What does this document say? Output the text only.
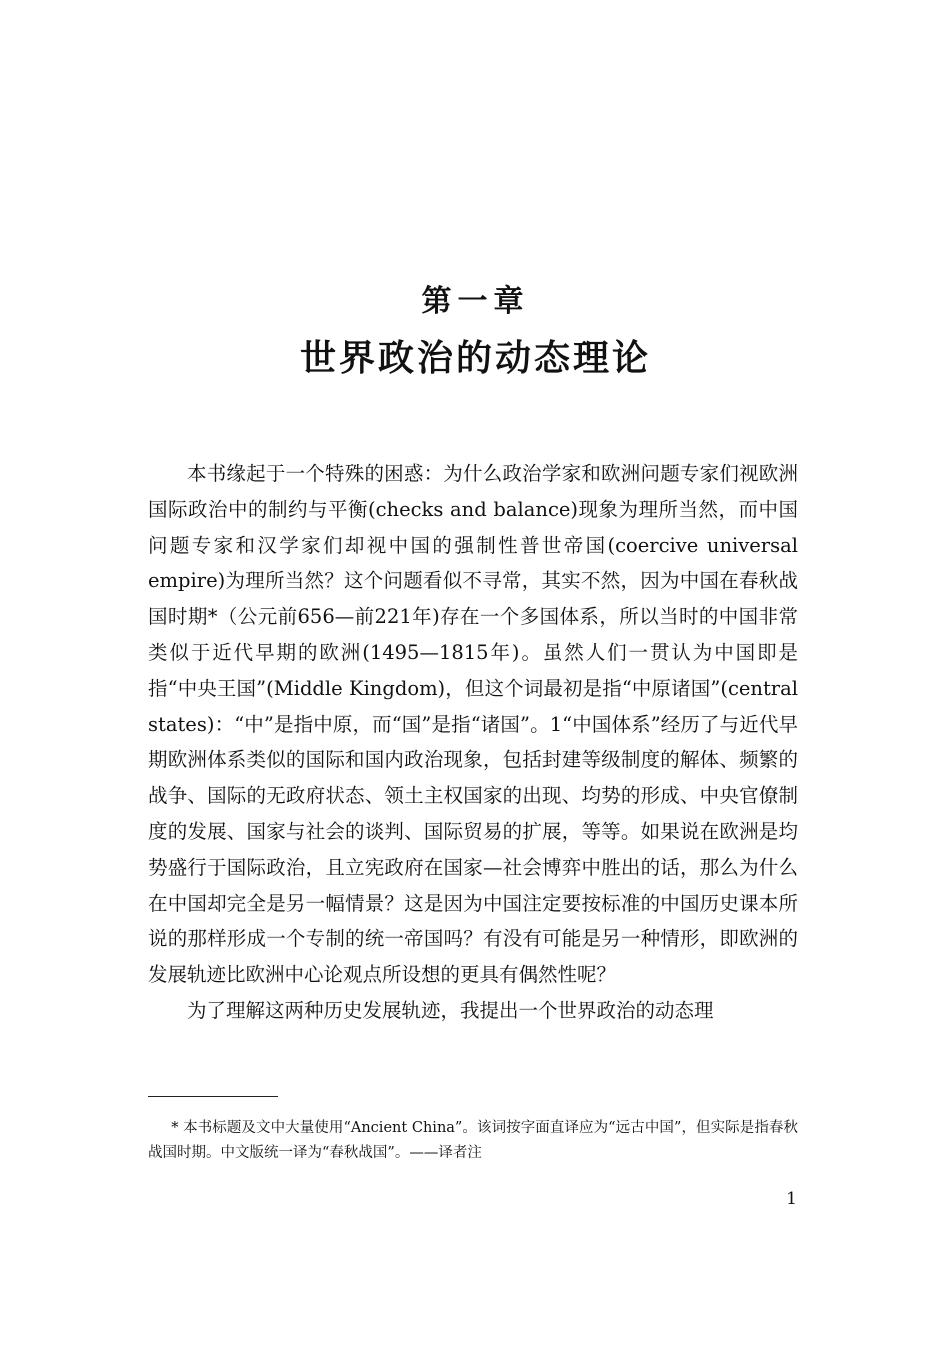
第一章
世界政治的动态理论

本书缘起于一个特殊的困惑：为什么政治学家和欧洲问题专家们视欧洲国际政治中的制约与平衡(checks and balance)现象为理所当然，而中国问题专家和汉学家们却视中国的强制性普世帝国(coercive universal empire)为理所当然？这个问题看似不寻常，其实不然，因为中国在春秋战国时期*（公元前656—前221年)存在一个多国体系，所以当时的中国非常类似于近代早期的欧洲(1495—1815年)。虽然人们一贯认为中国即是指“中央王国”(Middle Kingdom)，但这个词最初是指“中原诸国”(central states)：“中”是指中原，而“国”是指“诸国”。1“中国体系”经历了与近代早期欧洲体系类似的国际和国内政治现象，包括封建等级制度的解体、频繁的战争、国际的无政府状态、领土主权国家的出现、均势的形成、中央官僚制度的发展、国家与社会的谈判、国际贸易的扩展，等等。如果说在欧洲是均势盛行于国际政治，且立宪政府在国家—社会博弈中胜出的话，那么为什么在中国却完全是另一幅情景？这是因为中国注定要按标准的中国历史课本所说的那样形成一个专制的统一帝国吗？有没有可能是另一种情形，即欧洲的发展轨迹比欧洲中心论观点所设想的更具有偶然性呢？

为了理解这两种历史发展轨迹，我提出一个世界政治的动态理

* 本书标题及文中大量使用“Ancient China”。该词按字面直译应为“远古中国”，但实际是指春秋战国时期。中文版统一译为“春秋战国”。——译者注
1
